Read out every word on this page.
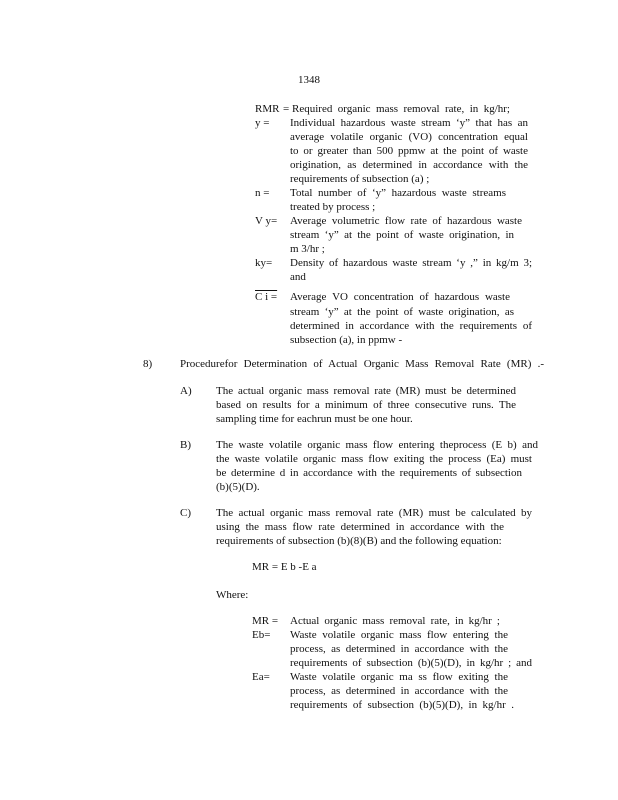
1348
RMR = Required organic mass removal rate, in kg/hr;
y = Individual hazardous waste stream ‘y” that has an
average volatile organic (VO) concentration equal
to or greater than 500 ppmw at the point of waste
origination, as determined in accordance with the
requirements of subsection (a) ;
n = Total number of ‘y” hazardous waste streams
treated by process ;
V y= Average volumetric flow rate of hazardous waste
stream ‘y” at the point of waste origination, in
m 3/hr ;
ky= Density of hazardous waste stream ‘y ,” in kg/m 3;
and
C i = Average VO concentration of hazardous waste
stream ‘y” at the point of waste origination, as
determined in accordance with the requirements of
subsection (a), in ppmw -
8)	Procedurefor Determination of Actual Organic Mass Removal Rate (MR) .-
A) The actual organic mass removal rate (MR) must be determined
based on results for a minimum of three consecutive runs. The
sampling time for eachrun must be one hour.
B) The waste volatile organic mass flow entering theprocess (E b) and
the waste volatile organic mass flow exiting the process (Ea) must
be determine d in accordance with the requirements of subsection
(b)(5)(D).
C) The actual organic mass removal rate (MR) must be calculated by
using the mass flow rate determined in accordance with the
requirements of subsection (b)(8)(B) and the following equation:
MR = E b -E a
Where:
MR = Actual organic mass removal rate, in kg/hr ;
Eb= Waste volatile organic mass flow entering the
process, as determined in accordance with the
requirements of subsection (b)(5)(D), in kg/hr ; and
Ea= Waste volatile organic ma ss flow exiting the
process, as determined in accordance with the
requirements of subsection (b)(5)(D), in kg/hr .
